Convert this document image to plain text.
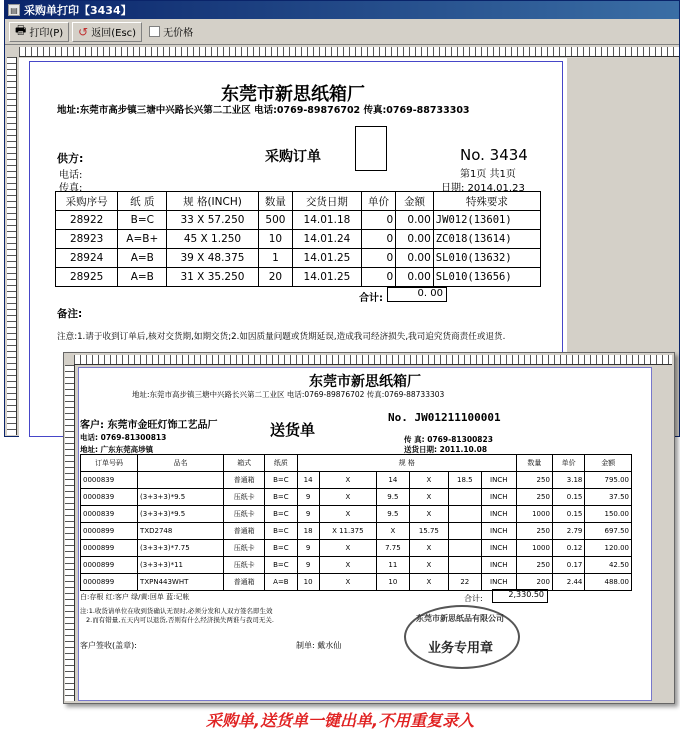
▤ 采购单打印【3434】
🖶 打印(P) ↺ 返回(Esc)	无价格
东莞市新思纸箱厂
地址:东莞市高步镇三塘中兴路长兴第二工业区 电话:0769-89876702 传真:0769-88733303
采购订单
供方:
电话:
传真:
No. 3434
第1页 共1页
日期: 2014.01.23
采购序号	纸 质	规 格(INCH)	数量	交货日期	单价	金额	特殊要求
28922	B=C	33 X 57.250	500	14.01.18	0	0.00	JW012(13601)
28923	A=B+	45 X 1.250	10	14.01.24	0	0.00	ZC018(13614)
28924	A=B	39 X 48.375	1	14.01.25	0	0.00	SL010(13632)
28925	A=B	31 X 35.250	20	14.01.25	0	0.00	SL010(13656)
合计:	0. 00
备注:
注意:1.请于收到订单后,核对交货期,如期交货;2.如因质量问题或货期延误,造成我司经济损失,我司追究货商责任或退货.
东莞市新思纸箱厂
地址:东莞市高步镇三塘中兴路长兴第二工业区 电话:0769-89876702 传真:0769-88733303
客户: 东莞市金旺灯饰工艺品厂	送货单
No. JW01211100001
电话: 0769-81300813
地址: 广东东莞高埗镇
传 真: 0769-81300823
送货日期: 2011.10.08
订单号码	品名	箱式	纸质	规 格						数量	单价	金额
0000839		普通箱	B=C	14	X	14	X	18.5	INCH	250	3.18	795.00
0000839	(3+3+3)*9.5	压纸卡	B=C	9	X	9.5	X		INCH	250	0.15	37.50
0000839	(3+3+3)*9.5	压纸卡	B=C	9	X	9.5	X		INCH	1000	0.15	150.00
0000899	TXD2748	普通箱	B=C	18	X 11.375	X	15.75		INCH	250	2.79	697.50
0000899	(3+3+3)*7.75	压纸卡	B=C	9	X	7.75	X		INCH	1000	0.12	120.00
0000899	(3+3+3)*11	压纸卡	B=C	9	X	11	X		INCH	250	0.17	42.50
0000899	TXPN443WHT	普通箱	A=B	10	X	10	X	22	INCH	200	2.44	488.00
白:存根 红:客户 绿/黄:回单 蓝:记帐	合计:	2,330.50
注:1.收货请单位在收到货确认无误时,必须分发和人双方签名即生效
2.而有错量,五天内可以退货,否则有什么经济损失两谁与我司无关.
客户签收(盖章):	制单: 戴水仙
东莞市新思纸品有限公司
业务专用章
采购单,送货单一键出单,不用重复录入
